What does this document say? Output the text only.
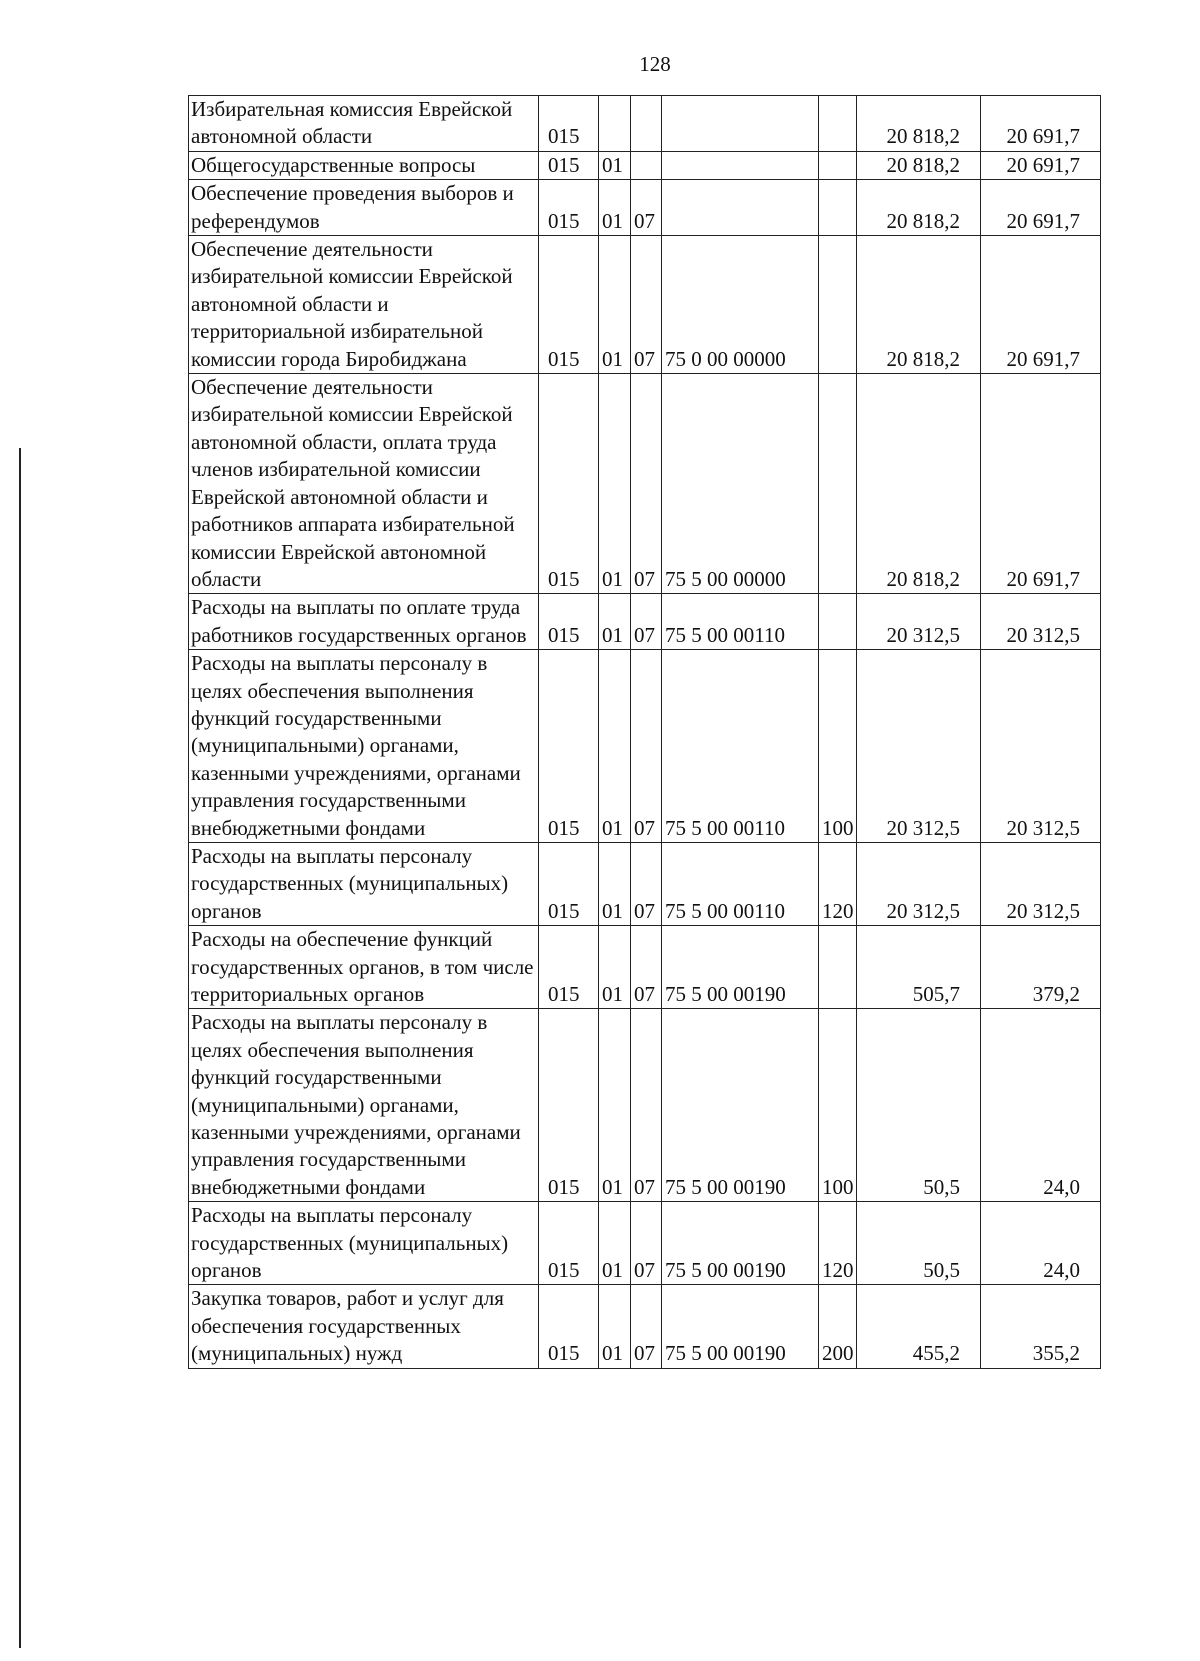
128
Избирательная комиссия Еврейской автономной области	015					20 818,2	20 691,7
Общегосударственные вопросы	015	01				20 818,2	20 691,7
Обеспечение проведения выборов и референдумов	015	01	07			20 818,2	20 691,7
Обеспечение деятельности избирательной комиссии Еврейской автономной области и территориальной избирательной комиссии города Биробиджана	015	01	07	75 0 00 00000		20 818,2	20 691,7
Обеспечение деятельности избирательной комиссии Еврейской автономной области, оплата труда членов избирательной комиссии Еврейской автономной области и работников аппарата избирательной комиссии Еврейской автономной области	015	01	07	75 5 00 00000		20 818,2	20 691,7
Расходы на выплаты по оплате труда работников государственных органов	015	01	07	75 5 00 00110		20 312,5	20 312,5
Расходы на выплаты персоналу в целях обеспечения выполнения функций государственными (муниципальными) органами, казенными учреждениями, органами управления государственными внебюджетными фондами	015	01	07	75 5 00 00110	100	20 312,5	20 312,5
Расходы на выплаты персоналу государственных (муниципальных) органов	015	01	07	75 5 00 00110	120	20 312,5	20 312,5
Расходы на обеспечение функций государственных органов, в том числе территориальных органов	015	01	07	75 5 00 00190		505,7	379,2
Расходы на выплаты персоналу в целях обеспечения выполнения функций государственными (муниципальными) органами, казенными учреждениями, органами управления государственными внебюджетными фондами	015	01	07	75 5 00 00190	100	50,5	24,0
Расходы на выплаты персоналу государственных (муниципальных) органов	015	01	07	75 5 00 00190	120	50,5	24,0
Закупка товаров, работ и услуг для обеспечения государственных (муниципальных) нужд	015	01	07	75 5 00 00190	200	455,2	355,2
